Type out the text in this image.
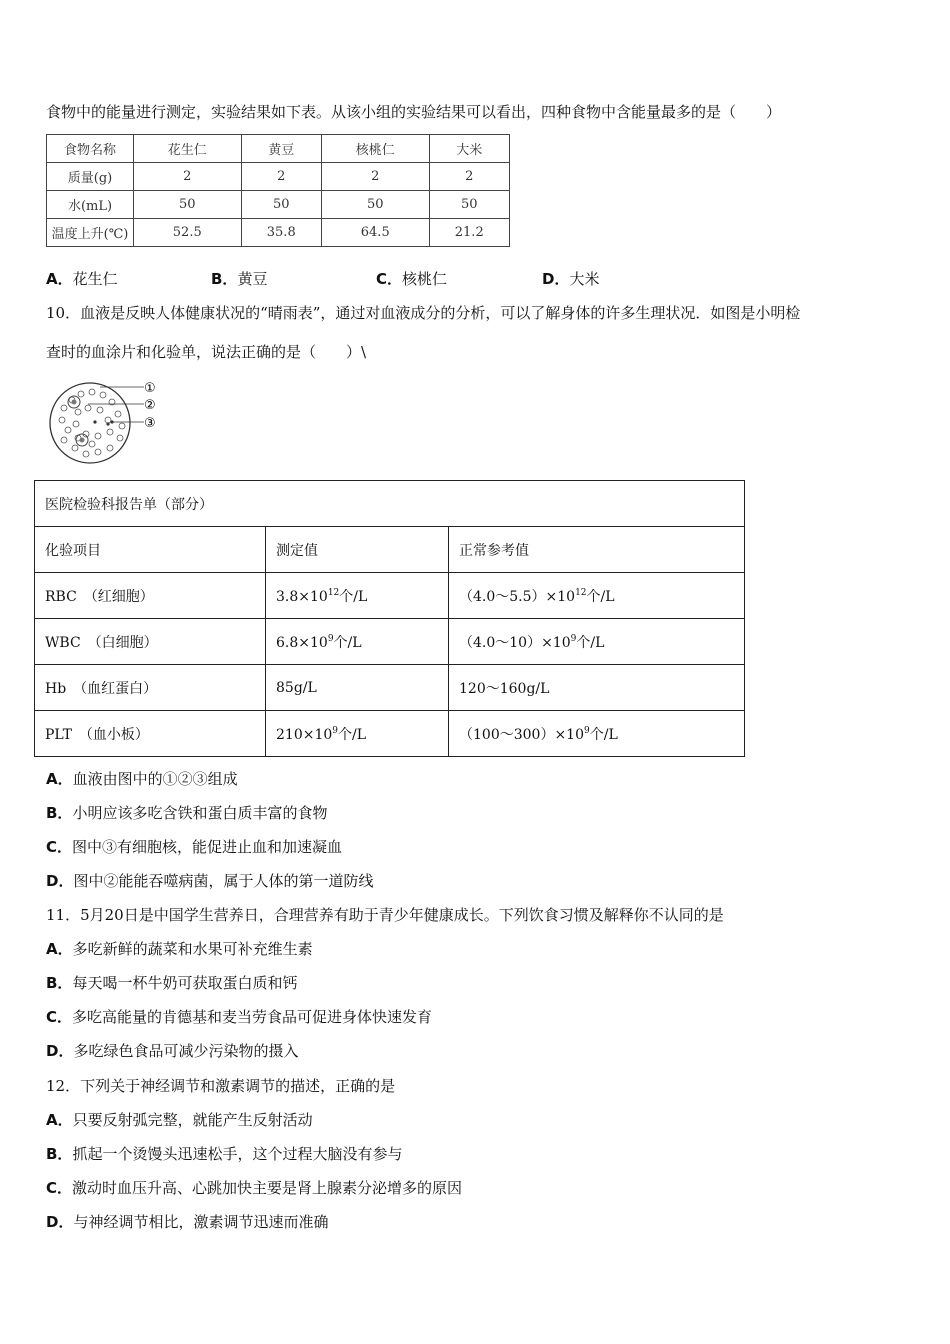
食物中的能量进行测定，实验结果如下表。从该小组的实验结果可以看出，四种食物中含能量最多的是（　　）
食物名称	花生仁	黄豆	核桃仁	大米
质量(g)	2	2	2	2
水(mL)	50	50	50	50
温度上升(℃)	52.5	35.8	64.5	21.2
A．花生仁	B．黄豆	C．核桃仁	D．大米
10．血液是反映人体健康状况的“晴雨表”，通过对血液成分的分析，可以了解身体的许多生理状况．如图是小明检
查时的血涂片和化验单，说法正确的是（　　）\
①
②
③
医院检验科报告单（部分）		
化验项目	测定值	正常参考值
RBC　（红细胞）	$3.8\times 10^{12}$个/L	$(4.0\sim 5.5)\times 10^{12}$个/L
WBC　（白细胞）	$6.8\times 10^9$个/L	$(4.0\sim 10)\times 10^9$个/L
Hb　（血红蛋白）	85g/L	120～160g/L
PLT　（血小板）	$210\times 10^9$个/L	$(100\sim 300)\times 10^9$个/L
A．血液由图中的①②③组成
B．小明应该多吃含铁和蛋白质丰富的食物
C．图中③有细胞核，能促进止血和加速凝血
D．图中②能能吞噬病菌，属于人体的第一道防线
11．5月20日是中国学生营养日，合理营养有助于青少年健康成长。下列饮食习惯及解释你不认同的是
A．多吃新鲜的蔬菜和水果可补充维生素
B．每天喝一杯牛奶可获取蛋白质和钙
C．多吃高能量的肯德基和麦当劳食品可促进身体快速发育
D．多吃绿色食品可减少污染物的摄入
12．下列关于神经调节和激素调节的描述，正确的是
A．只要反射弧完整，就能产生反射活动
B．抓起一个烫馒头迅速松手，这个过程大脑没有参与
C．激动时血压升高、心跳加快主要是肾上腺素分泌增多的原因
D．与神经调节相比，激素调节迅速而准确
